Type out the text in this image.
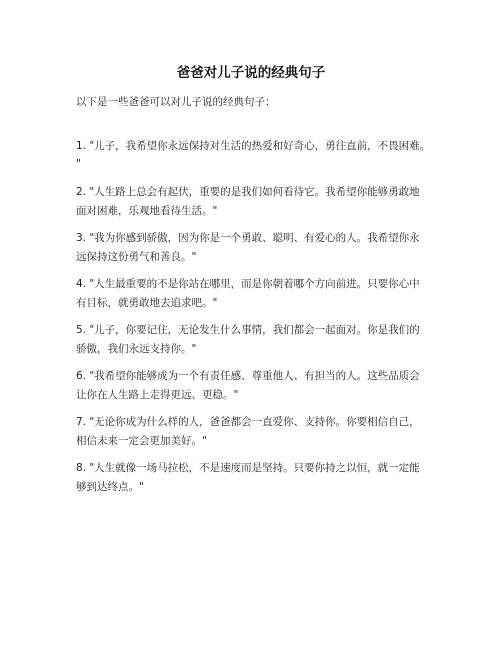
爸爸对儿子说的经典句子
以下是一些爸爸可以对儿子说的经典句子：
1. "儿子，我希望你永远保持对生活的热爱和好奇心，勇往直前，不畏困难。
"
2. "人生路上总会有起伏，重要的是我们如何看待它。我希望你能够勇敢地
面对困难，乐观地看待生活。"
3. "我为你感到骄傲，因为你是一个勇敢、聪明、有爱心的人。我希望你永
远保持这份勇气和善良。"
4. "人生最重要的不是你站在哪里，而是你朝着哪个方向前进。只要你心中
有目标，就勇敢地去追求吧。"
5. "儿子，你要记住，无论发生什么事情，我们都会一起面对。你是我们的
骄傲，我们永远支持你。"
6. "我希望你能够成为一个有责任感、尊重他人、有担当的人。这些品质会
让你在人生路上走得更远、更稳。"
7. "无论你成为什么样的人，爸爸都会一直爱你、支持你。你要相信自己，
相信未来一定会更加美好。"
8. "人生就像一场马拉松，不是速度而是坚持。只要你持之以恒，就一定能
够到达终点。"
